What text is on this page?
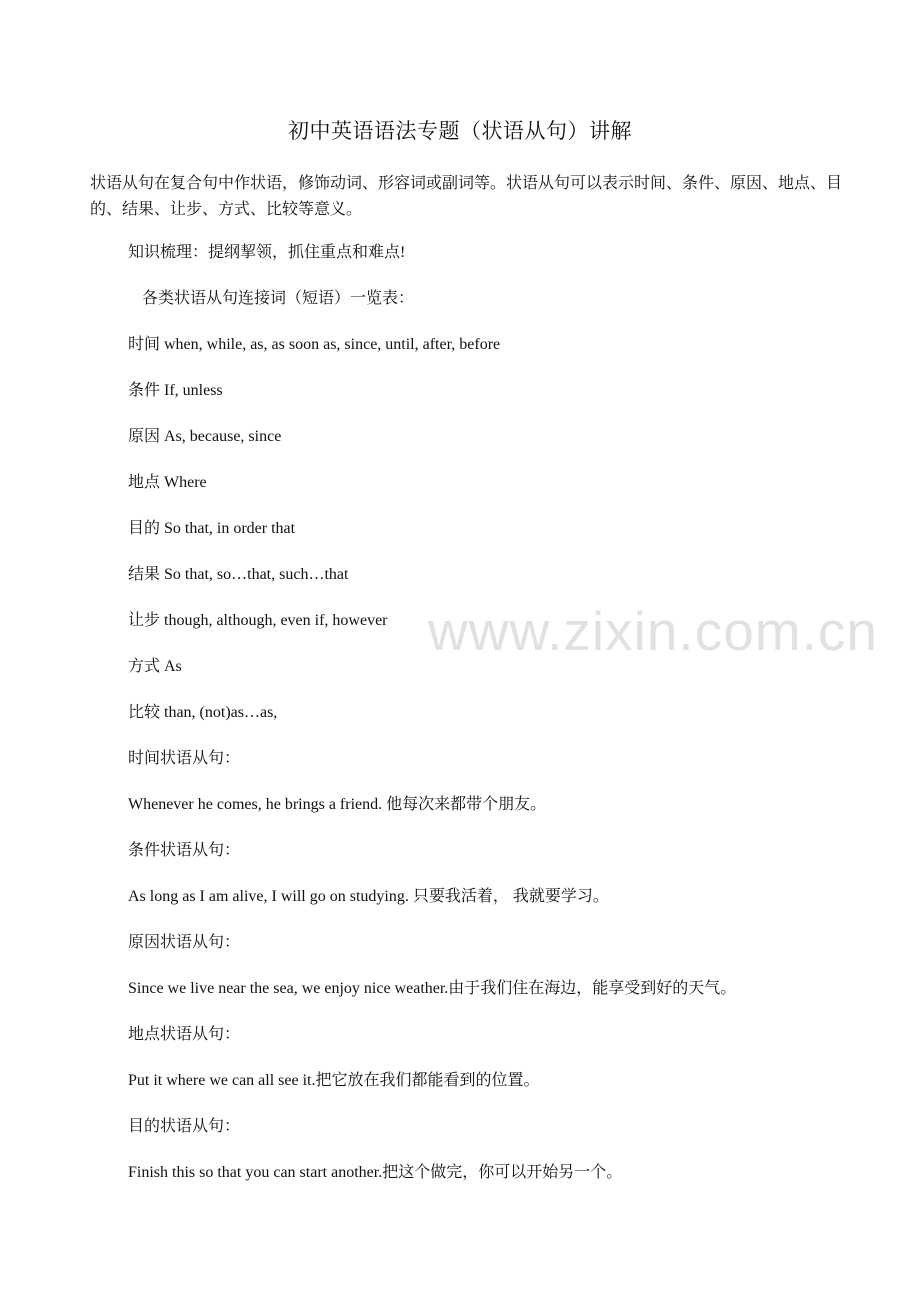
初中英语语法专题（状语从句）讲解
状语从句在复合句中作状语，修饰动词、形容词或副词等。状语从句可以表示时间、条件、原因、地点、目的、结果、让步、方式、比较等意义。
知识梳理：提纲挈领，抓住重点和难点!
各类状语从句连接词（短语）一览表：
时间 when, while, as, as soon as, since, until, after, before
条件 If, unless
原因 As, because, since
地点 Where
目的 So that, in order that
结果 So that, so…that, such…that
让步 though, although, even if, however
方式 As
比较 than, (not)as…as,
时间状语从句：
Whenever he comes, he brings a friend. 他每次来都带个朋友。
条件状语从句：
As long as I am alive, I will go on studying. 只要我活着， 我就要学习。
原因状语从句：
Since we live near the sea, we enjoy nice weather.由于我们住在海边，能享受到好的天气。
地点状语从句：
Put it where we can all see it.把它放在我们都能看到的位置。
目的状语从句：
Finish this so that you can start another.把这个做完，你可以开始另一个。
www.zixin.com.cn
